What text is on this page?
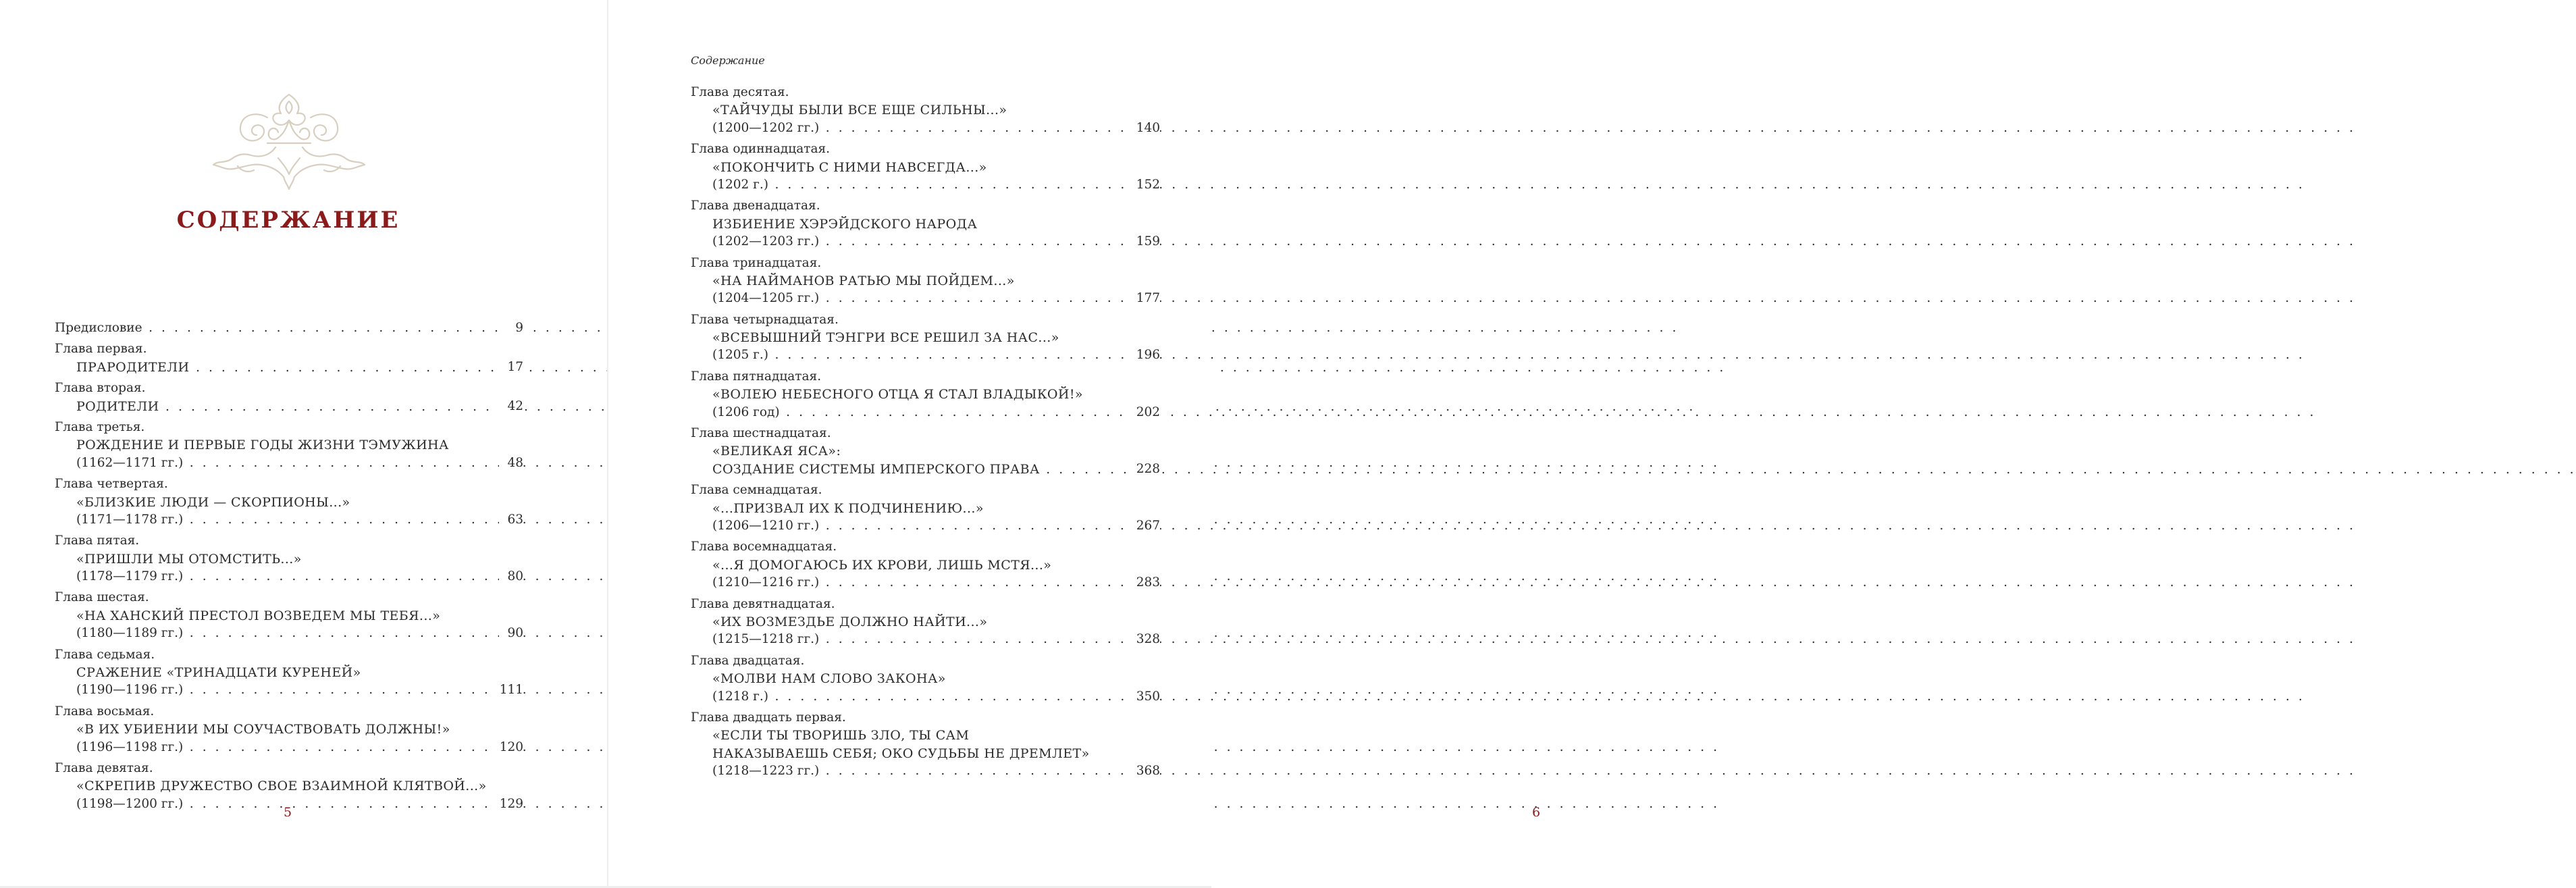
СОДЕРЖАНИЕ
Предисловие	9
. . .
Глава первая.
ПРАРОДИТЕЛИ	17
. . .
Глава вторая.
РОДИТЕЛИ	42
. . .
Глава третья.
РОЖДЕНИЕ И ПЕРВЫЕ ГОДЫ ЖИЗНИ ТЭМУЖИНА
(1162—1171 гг.)	48
. . .
Глава четвертая.
«БЛИЗКИЕ ЛЮДИ — СКОРПИОНЫ...»
(1171—1178 гг.)	63
. . .
Глава пятая.
«ПРИШЛИ МЫ ОТОМСТИТЬ...»
(1178—1179 гг.)	80
. . .
Глава шестая.
«НА ХАНСКИЙ ПРЕСТОЛ ВОЗВЕДЕМ МЫ ТЕБЯ...»
(1180—1189 гг.)	90
. . .
Глава седьмая.
СРАЖЕНИЕ «ТРИНАДЦАТИ КУРЕНЕЙ»
(1190—1196 гг.)	111
. . .
Глава восьмая.
«В ИХ УБИЕНИИ МЫ СОУЧАСТВОВАТЬ ДОЛЖНЫ!»
(1196—1198 гг.)	120
. . .
Глава девятая.
«СКРЕПИВ ДРУЖЕСТВО СВОЕ ВЗАИМНОЙ КЛЯТВОЙ...»
(1198—1200 гг.)	129
. . .
5

Содержание

Глава десятая.
«ТАЙЧУДЫ БЫЛИ ВСЕ ЕЩЕ СИЛЬНЫ...»
(1200—1202 гг.)	140
. . .
Глава одиннадцатая.
«ПОКОНЧИТЬ С НИМИ НАВСЕГДА...»
(1202 г.)	152
. . .
Глава двенадцатая.
ИЗБИЕНИЕ ХЭРЭЙДСКОГО НАРОДА
(1202—1203 гг.)	159
. . .
Глава тринадцатая.
«НА НАЙМАНОВ РАТЬЮ МЫ ПОЙДЕМ...»
(1204—1205 гг.)	177
. . .
Глава четырнадцатая.
«ВСЕВЫШНИЙ ТЭНГРИ ВСЕ РЕШИЛ ЗА НАС...»
(1205 г.)	196
. . .
Глава пятнадцатая.
«ВОЛЕЮ НЕБЕСНОГО ОТЦА Я СТАЛ ВЛАДЫКОЙ!»
(1206 год)	202
. . .
Глава шестнадцатая.
«ВЕЛИКАЯ ЯСА»:
СОЗДАНИЕ СИСТЕМЫ ИМПЕРСКОГО ПРАВА	228
. . .
Глава семнадцатая.
«...ПРИЗВАЛ ИХ К ПОДЧИНЕНИЮ...»
(1206—1210 гг.)	267
. . .
Глава восемнадцатая.
«...Я ДОМОГАЮСЬ ИХ КРОВИ, ЛИШЬ МСТЯ...»
(1210—1216 гг.)	283
. . .
Глава девятнадцатая.
«ИХ ВОЗМЕЗДЬЕ ДОЛЖНО НАЙТИ...»
(1215—1218 гг.)	328
. . .
Глава двадцатая.
«МОЛВИ НАМ СЛОВО ЗАКОНА»
(1218 г.)	350
. . .
Глава двадцать первая.
«ЕСЛИ ТЫ ТВОРИШЬ ЗЛО, ТЫ САМ
НАКАЗЫВАЕШЬ СЕБЯ; ОКО СУДЬБЫ НЕ ДРЕМЛЕТ»
(1218—1223 гг.)	368
. . .
6
